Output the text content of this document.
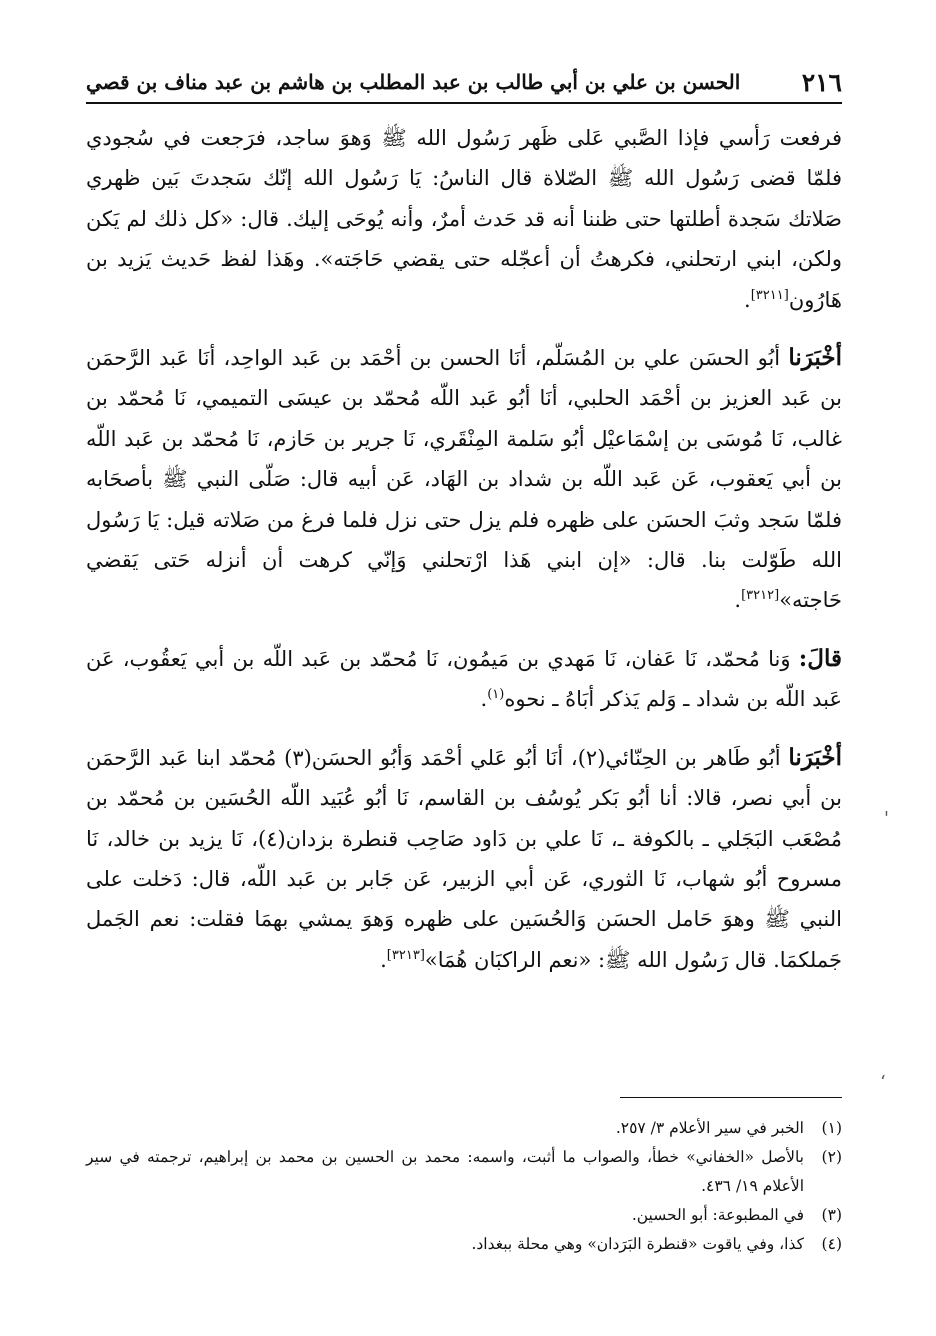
٢١٦
الحسن بن علي بن أبي طالب بن عبد المطلب بن هاشم بن عبد مناف بن قصي

فرفعت رَأسي فإذا الصَّبي عَلى ظَهر رَسُول الله ﷺ وَهوَ ساجد، فرَجعت في سُجودي فلمّا قضى رَسُول الله ﷺ الصّلاة قال الناسُ: يَا رَسُول الله إنّك سَجدتَ بَين ظهري صَلاتك سَجدة أطلتها حتى ظننا أنه قد حَدث أمرٌ، وأنه يُوحَى إليك. قال: «كل ذلك لم يَكن ولكن، ابني ارتحلني، فكرهتُ أن أعجّله حتى يقضي حَاجَته». وهَذا لفظ حَديث يَزيد بن هَارُون[٣٢١١].

أخْبَرَنا أبُو الحسَن علي بن المُسَلّم، أنَا الحسن بن أحْمَد بن عَبد الواحِد، أنَا عَبد الرَّحمَن بن عَبد العزيز بن أحْمَد الحلبي، أنَا أبُو عَبد اللّه مُحمّد بن عيسَى التميمي، نَا مُحمّد بن غالب، نَا مُوسَى بن إسْمَاعيْل أبُو سَلمة المِنْقَري، نَا جرير بن حَازم، نَا مُحمّد بن عَبد اللّه بن أبي يَعقوب، عَن عَبد اللّه بن شداد بن الهَاد، عَن أبيه قال: صَلّى النبي ﷺ بأصحَابه فلمّا سَجد وثبَ الحسَن على ظهره فلم يزل حتى نزل فلما فرغ من صَلاته قيل: يَا رَسُول الله طَوّلت بنا. قال: «إن ابني هَذا ارْتحلني وَإنّي كرهت أن أنزله حَتى يَقضي حَاجته»[٣٢١٢].

قالَ: وَنا مُحمّد، نَا عَفان، نَا مَهدي بن مَيمُون، نَا مُحمّد بن عَبد اللّه بن أبي يَعقُوب، عَن عَبد اللّه بن شداد ـ وَلم يَذكر أبَاهُ ـ نحوه$^{(١)}$.

أخْبَرَنا أبُو طَاهر بن الحِنّائي(٢)، أنَا أبُو عَلي أحْمَد وَأبُو الحسَن(٣) مُحمّد ابنا عَبد الرَّحمَن بن أبي نصر، قالا: أنا أبُو بَكر يُوسُف بن القاسم، نَا أبُو عُبَيد اللّه الحُسَين بن مُحمّد بن مُصْعَب البَجَلي ـ بالكوفة ـ، نَا علي بن دَاود صَاحِب قنطرة بزدان(٤)، نَا يزيد بن خالد، نَا مسروح أبُو شهاب، نَا الثوري، عَن أبي الزبير، عَن جَابر بن عَبد اللّه، قال: دَخلت على النبي ﷺ وهوَ حَامل الحسَن وَالحُسَين على ظهره وَهوَ يمشي بهمَا فقلت: نعم الجَمل جَملكمَا. قال رَسُول الله ﷺ: «نعم الراكبَان هُمَا»[٣٢١٣].

(١)
الخبر في سير الأعلام ٣/ ٢٥٧.

(٢)
بالأصل «الخفاني» خطأ، والصواب ما أثبت، واسمه: محمد بن الحسين بن محمد بن إبراهيم، ترجمته في سير الأعلام ١٩/ ٤٣٦.

(٣)
في المطبوعة: أبو الحسين.

(٤)
كذا، وفي ياقوت «قنطرة البَرَدان» وهي محلة ببغداد.

'
ʻ
